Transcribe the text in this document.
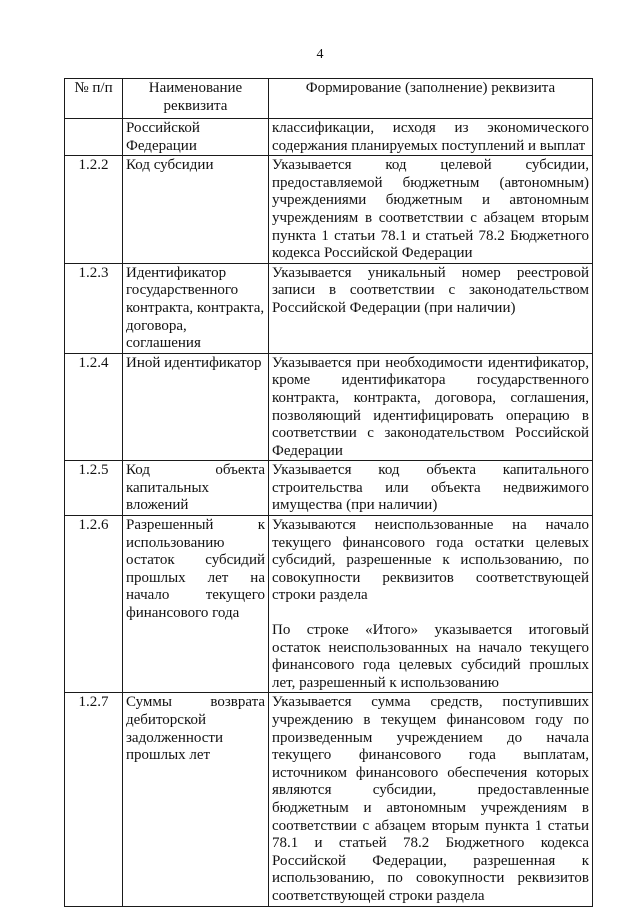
4
№ п/п	Наименование реквизита	Формирование (заполнение) реквизита
	Российской Федерации	классификации, исходя из экономического содержания планируемых поступлений и выплат

1.2.2	Код субсидии	Указывается код целевой субсидии, предоставляемой бюджетным (автономным) учреждениями бюджетным и автономным учреждениям в соответствии с абзацем вторым пункта 1 статьи 78.1 и статьей 78.2 Бюджетного кодекса Российской Федерации

1.2.3	Идентификатор государственного контракта, контракта, договора, соглашения	Указывается уникальный номер реестровой записи в соответствии с законодательством Российской Федерации (при наличии)

1.2.4	Иной идентификатор	Указывается при необходимости идентификатор, кроме идентификатора государственного контракта, контракта, договора, соглашения, позволяющий идентифицировать операцию в соответствии с законодательством Российской Федерации

1.2.5	Код объекта капитальных вложений	Указывается код объекта капитального строительства или объекта недвижимого имущества (при наличии)

1.2.6	Разрешенный к использованию остаток субсидий прошлых лет на начало текущего финансового года	Указываются неиспользованные на начало текущего финансового года остатки целевых субсидий, разрешенные к использованию, по совокупности реквизитов соответствующей строки раздела
По строке «Итого» указывается итоговый остаток неиспользованных на начало текущего финансового года целевых субсидий прошлых лет, разрешенный к использованию

1.2.7	Суммы возврата дебиторской задолженности прошлых лет	Указывается сумма средств, поступивших учреждению в текущем финансовом году по произведенным учреждением до начала текущего финансового года выплатам, источником финансового обеспечения которых являются субсидии, предоставленные бюджетным и автономным учреждениям в соответствии с абзацем вторым пункта 1 статьи 78.1 и статьей 78.2 Бюджетного кодекса Российской Федерации, разрешенная к использованию, по совокупности реквизитов соответствующей строки раздела
